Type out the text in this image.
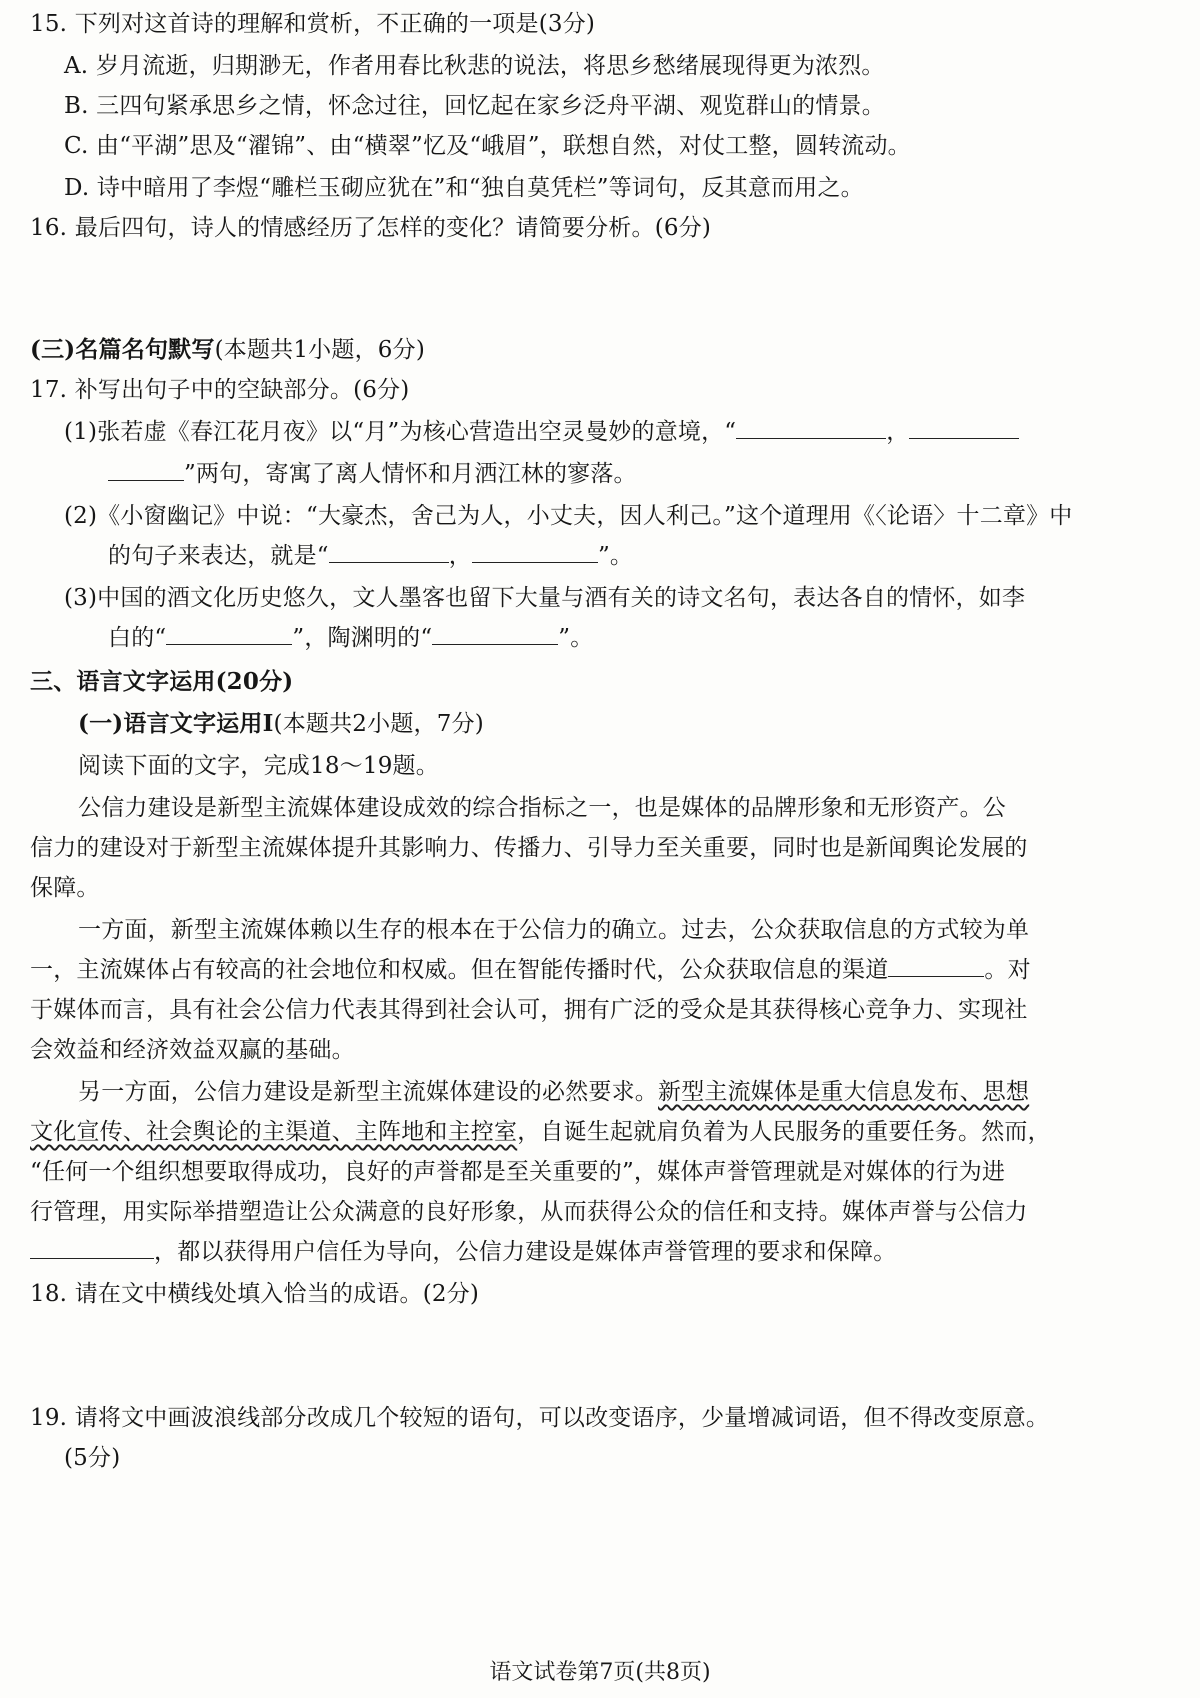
15. 下列对这首诗的理解和赏析，不正确的一项是(3分)
A. 岁月流逝，归期渺无，作者用春比秋悲的说法，将思乡愁绪展现得更为浓烈。
B. 三四句紧承思乡之情，怀念过往，回忆起在家乡泛舟平湖、观览群山的情景。
C. 由“平湖”思及“濯锦”、由“横翠”忆及“峨眉”，联想自然，对仗工整，圆转流动。
D. 诗中暗用了李煜“雕栏玉砌应犹在”和“独自莫凭栏”等词句，反其意而用之。
16. 最后四句，诗人的情感经历了怎样的变化？请简要分析。(6分)
(三)名篇名句默写(本题共1小题，6分)
17. 补写出句子中的空缺部分。(6分)
(1)张若虚《春江花月夜》以“月”为核心营造出空灵曼妙的意境，“	，
”两句，寄寓了离人情怀和月洒江林的寥落。
(2)《小窗幽记》中说：“大豪杰，舍己为人，小丈夫，因人利己。”这个道理用《〈论语〉十二章》中
的句子来表达，就是“	，	”。
(3)中国的酒文化历史悠久，文人墨客也留下大量与酒有关的诗文名句，表达各自的情怀，如李
白的“	”，陶渊明的“	”。
三、语言文字运用(20分)
(一)语言文字运用Ⅰ(本题共2小题，7分)
阅读下面的文字，完成18～19题。
公信力建设是新型主流媒体建设成效的综合指标之一，也是媒体的品牌形象和无形资产。公
信力的建设对于新型主流媒体提升其影响力、传播力、引导力至关重要，同时也是新闻舆论发展的
保障。
一方面，新型主流媒体赖以生存的根本在于公信力的确立。过去，公众获取信息的方式较为单
一，主流媒体占有较高的社会地位和权威。但在智能传播时代，公众获取信息的渠道	。对
于媒体而言，具有社会公信力代表其得到社会认可，拥有广泛的受众是其获得核心竞争力、实现社
会效益和经济效益双赢的基础。
另一方面，公信力建设是新型主流媒体建设的必然要求。新型主流媒体是重大信息发布、思想
文化宣传、社会舆论的主渠道、主阵地和主控室，自诞生起就肩负着为人民服务的重要任务。然而，
“任何一个组织想要取得成功，良好的声誉都是至关重要的”，媒体声誉管理就是对媒体的行为进
行管理，用实际举措塑造让公众满意的良好形象，从而获得公众的信任和支持。媒体声誉与公信力
，都以获得用户信任为导向，公信力建设是媒体声誉管理的要求和保障。
18. 请在文中横线处填入恰当的成语。(2分)
19. 请将文中画波浪线部分改成几个较短的语句，可以改变语序，少量增减词语，但不得改变原意。
(5分)
语文试卷第7页(共8页)
